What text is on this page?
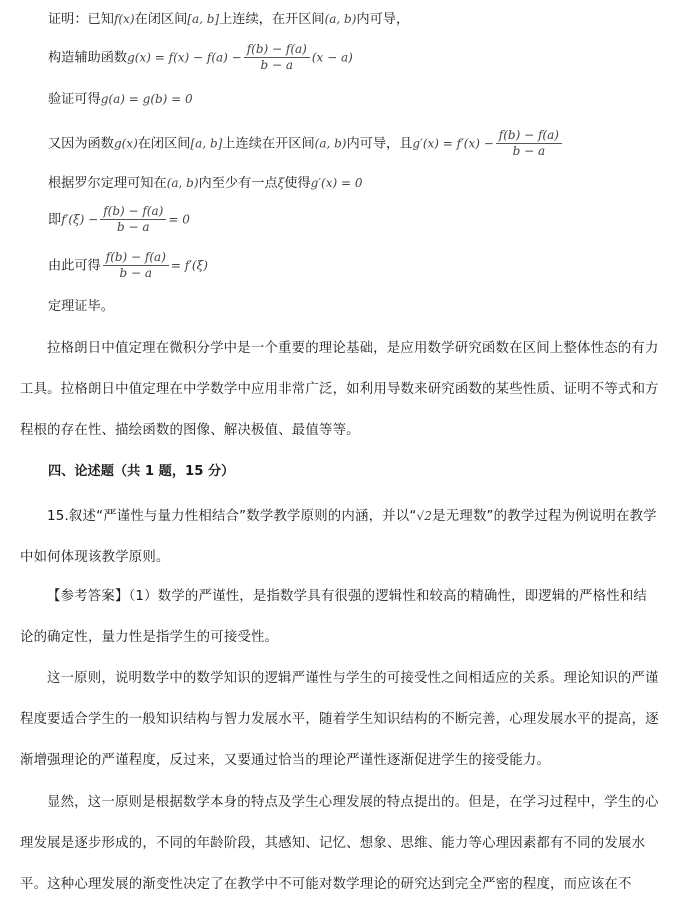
证明：已知f(x)在闭区间[a, b]上连续，在开区间(a, b)内可导，
构造辅助函数$g(x) = f(x) - f(a) - \frac{f(b) - f(a)}{b - a} (x - a)$
验证可得g(a) = g(b) = 0
又因为函数g(x)在闭区间[a, b]上连续在开区间(a, b)内可导，且$g'(x) = f'(x) - \frac{f(b) - f(a)}{b - a}$
根据罗尔定理可知在(a, b)内至少有一点ξ使得g′(x) = 0
即$f'(\xi) - \frac{f(b) - f(a)}{b - a} = 0$
由此可得 $\frac{f(b) - f(a)}{b - a} = f'(\xi)$
定理证毕。
拉格朗日中值定理在微积分学中是一个重要的理论基础，是应用数学研究函数在区间上整体性态的有力工具。拉格朗日中值定理在中学数学中应用非常广泛，如利用导数来研究函数的某些性质、证明不等式和方程根的存在性、描绘函数的图像、解决极值、最值等等。
四、论述题（共 1 题，15 分）
15.叙述“严谨性与量力性相结合”数学教学原则的内涵，并以“√2是无理数”的教学过程为例说明在教学中如何体现该教学原则。
【参考答案】（1）数学的严谨性，是指数学具有很强的逻辑性和较高的精确性，即逻辑的严格性和结论的确定性，量力性是指学生的可接受性。
这一原则，说明数学中的数学知识的逻辑严谨性与学生的可接受性之间相适应的关系。理论知识的严谨程度要适合学生的一般知识结构与智力发展水平，随着学生知识结构的不断完善，心理发展水平的提高，逐渐增强理论的严谨程度，反过来，又要通过恰当的理论严谨性逐渐促进学生的接受能力。
显然，这一原则是根据数学本身的特点及学生心理发展的特点提出的。但是，在学习过程中，学生的心理发展是逐步形成的，不同的年龄阶段，其感知、记忆、想象、思维、能力等心理因素都有不同的发展水平。这种心理发展的渐变性决定了在教学中不可能对数学理论的研究达到完全严密的程度，而应该在不
